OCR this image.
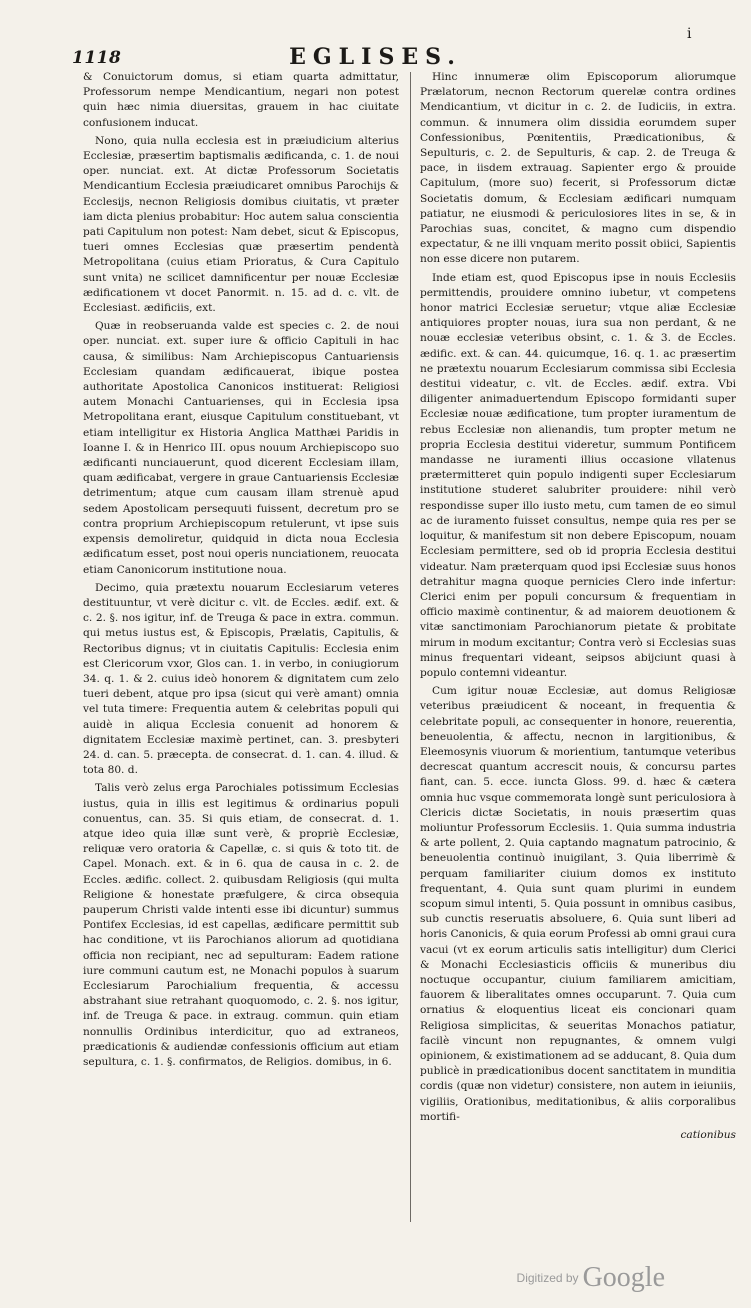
i
1118	EGLISES.

& Conuictorum domus, si etiam quarta admittatur, Professorum nempe Mendicantium, negari non potest quin hæc nimia diuersitas, grauem in hac ciuitate confusionem inducat.

Nono, quia nulla ecclesia est in præiudicium alterius Ecclesiæ, præsertim baptismalis ædificanda, c. 1. de noui oper. nunciat. ext. At dictæ Professorum Societatis Mendicantium Ecclesia præiudicaret omnibus Parochijs & Ecclesijs, necnon Religiosis domibus ciuitatis, vt præter iam dicta plenius probabitur: Hoc autem salua conscientia pati Capitulum non potest: Nam debet, sicut & Episcopus, tueri omnes Ecclesias quæ præsertim pendentà Metropolitana (cuius etiam Prioratus, & Cura Capitulo sunt vnita) ne scilicet damnificentur per nouæ Ecclesiæ ædificationem vt docet Panormit. n. 15. ad d. c. vlt. de Ecclesiast. ædificiis, ext.

Quæ in reobseruanda valde est species c. 2. de noui oper. nunciat. ext. super iure & officio Capituli in hac causa, & similibus: Nam Archiepiscopus Cantuariensis Ecclesiam quandam ædificauerat, ibique postea authoritate Apostolica Canonicos instituerat: Religiosi autem Monachi Cantuarienses, qui in Ecclesia ipsa Metropolitana erant, eiusque Capitulum constituebant, vt etiam intelligitur ex Historia Anglica Matthæi Paridis in Ioanne I. & in Henrico III. opus nouum Archiepiscopo suo ædificanti nunciauerunt, quod dicerent Ecclesiam illam, quam ædificabat, vergere in graue Cantuariensis Ecclesiæ detrimentum; atque cum causam illam strenuè apud sedem Apostolicam persequuti fuissent, decretum pro se contra proprium Archiepiscopum retulerunt, vt ipse suis expensis demoliretur, quidquid in dicta noua Ecclesia ædificatum esset, post noui operis nunciationem, reuocata etiam Canonicorum institutione noua.

Decimo, quia prætextu nouarum Ecclesiarum veteres destituuntur, vt verè dicitur c. vlt. de Eccles. ædif. ext. & c. 2. §. nos igitur, inf. de Treuga & pace in extra. commun. qui metus iustus est, & Episcopis, Prælatis, Capitulis, & Rectoribus dignus; vt in ciuitatis Capitulis: Ecclesia enim est Clericorum vxor, Glos can. 1. in verbo, in coniugiorum 34. q. 1. & 2. cuius ideò honorem & dignitatem cum zelo tueri debent, atque pro ipsa (sicut qui verè amant) omnia vel tuta timere: Frequentia autem & celebritas populi qui auidè in aliqua Ecclesia conuenit ad honorem & dignitatem Ecclesiæ maximè pertinet, can. 3. presbyteri 24. d. can. 5. præcepta. de consecrat. d. 1. can. 4. illud. & tota 80. d.

Talis verò zelus erga Parochiales potissimum Ecclesias iustus, quia in illis est legitimus & ordinarius populi conuentus, can. 35. Si quis etiam, de consecrat. d. 1. atque ideo quia illæ sunt verè, & propriè Ecclesiæ, reliquæ vero oratoria & Capellæ, c. si quis & toto tit. de Capel. Monach. ext. & in 6. qua de causa in c. 2. de Eccles. ædific. collect. 2. quibusdam Religiosis (qui multa Religione & honestate præfulgere, & circa obsequia pauperum Christi valde intenti esse ibi dicuntur) summus Pontifex Ecclesias, id est capellas, ædificare permittit sub hac conditione, vt iis Parochianos aliorum ad quotidiana officia non recipiant, nec ad sepulturam: Eadem ratione iure communi cautum est, ne Monachi populos à suarum Ecclesiarum Parochialium frequentia, & accessu abstrahant siue retrahant quoquomodo, c. 2. §. nos igitur, inf. de Treuga & pace. in extraug. commun. quin etiam nonnullis Ordinibus interdicitur, quo ad extraneos, prædicationis & audiendæ confessionis officium aut etiam sepultura, c. 1. §. confirmatos, de Religios. domibus, in 6.

Hinc innumeræ olim Episcoporum aliorumque Prælatorum, necnon Rectorum querelæ contra ordines Mendicantium, vt dicitur in c. 2. de Iudiciis, in extra. commun. & innumera olim dissidia eorumdem super Confessionibus, Pœnitentiis, Prædicationibus, & Sepulturis, c. 2. de Sepulturis, & cap. 2. de Treuga & pace, in iisdem extrauag. Sapienter ergo & prouide Capitulum, (more suo) fecerit, si Professorum dictæ Societatis domum, & Ecclesiam ædificari numquam patiatur, ne eiusmodi & periculosiores lites in se, & in Parochias suas, concitet, & magno cum dispendio expectatur, & ne illi vnquam merito possit obiici, Sapientis non esse dicere non putarem.

Inde etiam est, quod Episcopus ipse in nouis Ecclesiis permittendis, prouidere omnino iubetur, vt competens honor matrici Ecclesiæ seruetur; vtque aliæ Ecclesiæ antiquiores propter nouas, iura sua non perdant, & ne nouæ ecclesiæ veteribus obsint, c. 1. & 3. de Eccles. ædific. ext. & can. 44. quicumque, 16. q. 1. ac præsertim ne prætextu nouarum Ecclesiarum commissa sibi Ecclesia destitui videatur, c. vlt. de Eccles. ædif. extra. Vbi diligenter animaduertendum Episcopo formidanti super Ecclesiæ nouæ ædificatione, tum propter iuramentum de rebus Ecclesiæ non alienandis, tum propter metum ne propria Ecclesia destitui videretur, summum Pontificem mandasse ne iuramenti illius occasione vllatenus prætermitteret quin populo indigenti super Ecclesiarum institutione studeret salubriter prouidere: nihil verò respondisse super illo iusto metu, cum tamen de eo simul ac de iuramento fuisset consultus, nempe quia res per se loquitur, & manifestum sit non debere Episcopum, nouam Ecclesiam permittere, sed ob id propria Ecclesia destitui videatur. Nam præterquam quod ipsi Ecclesiæ suus honos detrahitur magna quoque pernicies Clero inde infertur: Clerici enim per populi concursum & frequentiam in officio maximè continentur, & ad maiorem deuotionem & vitæ sanctimoniam Parochianorum pietate & probitate mirum in modum excitantur; Contra verò si Ecclesias suas minus frequentari videant, seipsos abijciunt quasi à populo contemni videantur.

Cum igitur nouæ Ecclesiæ, aut domus Religiosæ veteribus præiudicent & noceant, in frequentia & celebritate populi, ac consequenter in honore, reuerentia, beneuolentia, & affectu, necnon in largitionibus, & Eleemosynis viuorum & morientium, tantumque veteribus decrescat quantum accrescit nouis, & concursu partes fiant, can. 5. ecce. iuncta Gloss. 99. d. hæc & cætera omnia huc vsque commemorata longè sunt periculosiora à Clericis dictæ Societatis, in nouis præsertim quas moliuntur Professorum Ecclesiis. 1. Quia summa industria & arte pollent, 2. Quia captando magnatum patrocinio, & beneuolentia continuò inuigilant, 3. Quia liberrimè & perquam familiariter ciuium domos ex instituto frequentant, 4. Quia sunt quam plurimi in eundem scopum simul intenti, 5. Quia possunt in omnibus casibus, sub cunctis reseruatis absoluere, 6. Quia sunt liberi ad horis Canonicis, & quia eorum Professi ab omni graui cura vacui (vt ex eorum articulis satis intelligitur) dum Clerici & Monachi Ecclesiasticis officiis & muneribus diu noctuque occupantur, ciuium familiarem amicitiam, fauorem & liberalitates omnes occuparunt. 7. Quia cum ornatius & eloquentius liceat eis concionari quam Religiosa simplicitas, & seueritas Monachos patiatur, facilè vincunt non repugnantes, & omnem vulgi opinionem, & existimationem ad se adducant, 8. Quia dum publicè in prædicationibus docent sanctitatem in munditia cordis (quæ non videtur) consistere, non autem in ieiuniis, vigiliis, Orationibus, meditationibus, & aliis corporalibus mortifi-

cationibus
Digitized by Google
